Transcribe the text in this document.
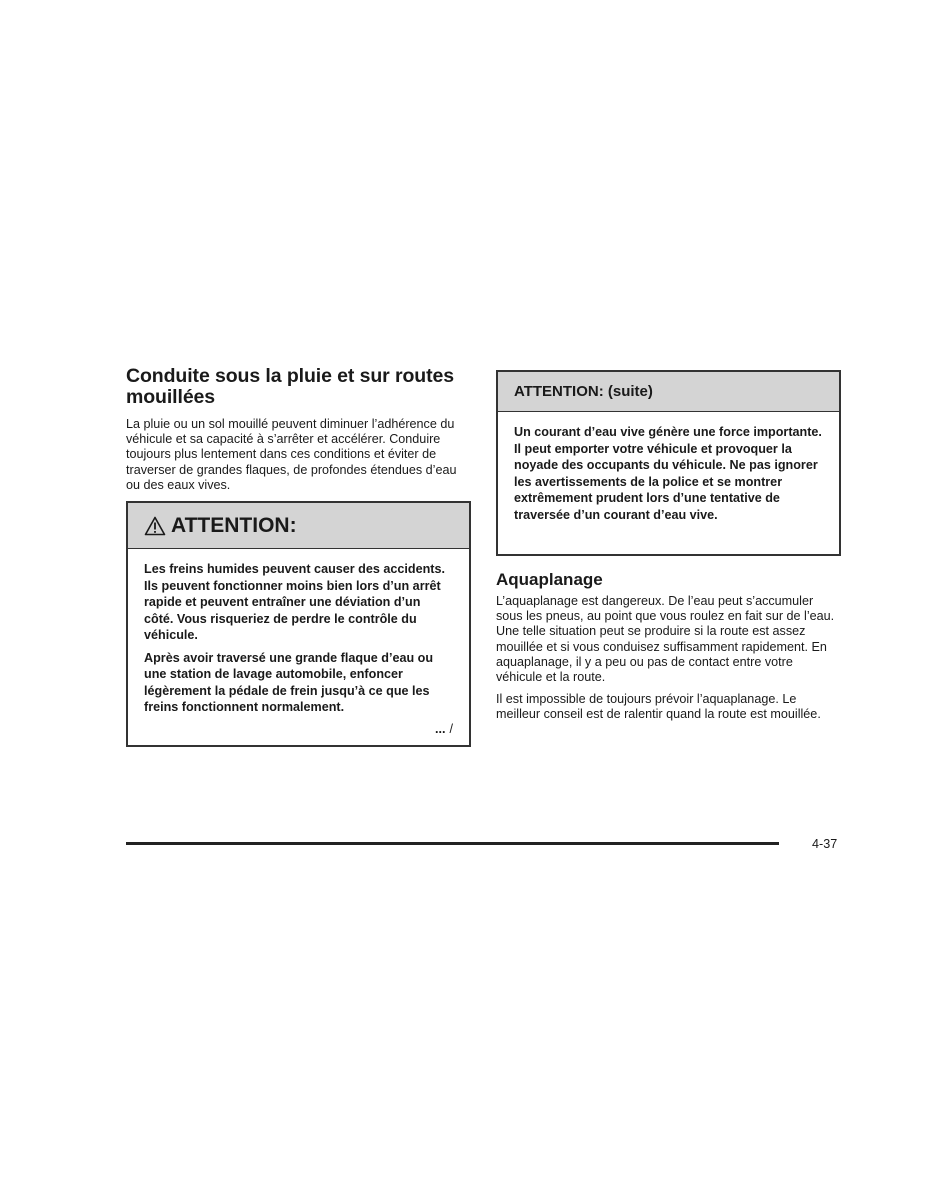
Conduite sous la pluie et sur routes mouillées

La pluie ou un sol mouillé peuvent diminuer l’adhérence du véhicule et sa capacité à s’arrêter et accélérer. Conduire toujours plus lentement dans ces conditions et éviter de traverser de grandes flaques, de profondes étendues d’eau ou des eaux vives.

ATTENTION:

Les freins humides peuvent causer des accidents. Ils peuvent fonctionner moins bien lors d’un arrêt rapide et peuvent entraîner une déviation d’un côté. Vous risqueriez de perdre le contrôle du véhicule.

Après avoir traversé une grande flaque d’eau ou une station de lavage automobile, enfoncer légèrement la pédale de frein jusqu’à ce que les freins fonctionnent normalement.

... /
ATTENTION: (suite)

Un courant d’eau vive génère une force importante. Il peut emporter votre véhicule et provoquer la noyade des occupants du véhicule. Ne pas ignorer les avertissements de la police et se montrer extrêmement prudent lors d’une tentative de traversée d’un courant d’eau vive.

Aquaplanage

L’aquaplanage est dangereux. De l’eau peut s’accumuler sous les pneus, au point que vous roulez en fait sur de l’eau. Une telle situation peut se produire si la route est assez mouillée et si vous conduisez suffisamment rapidement. En aquaplanage, il y a peu ou pas de contact entre votre véhicule et la route.

Il est impossible de toujours prévoir l’aquaplanage. Le meilleur conseil est de ralentir quand la route est mouillée.

4-37
